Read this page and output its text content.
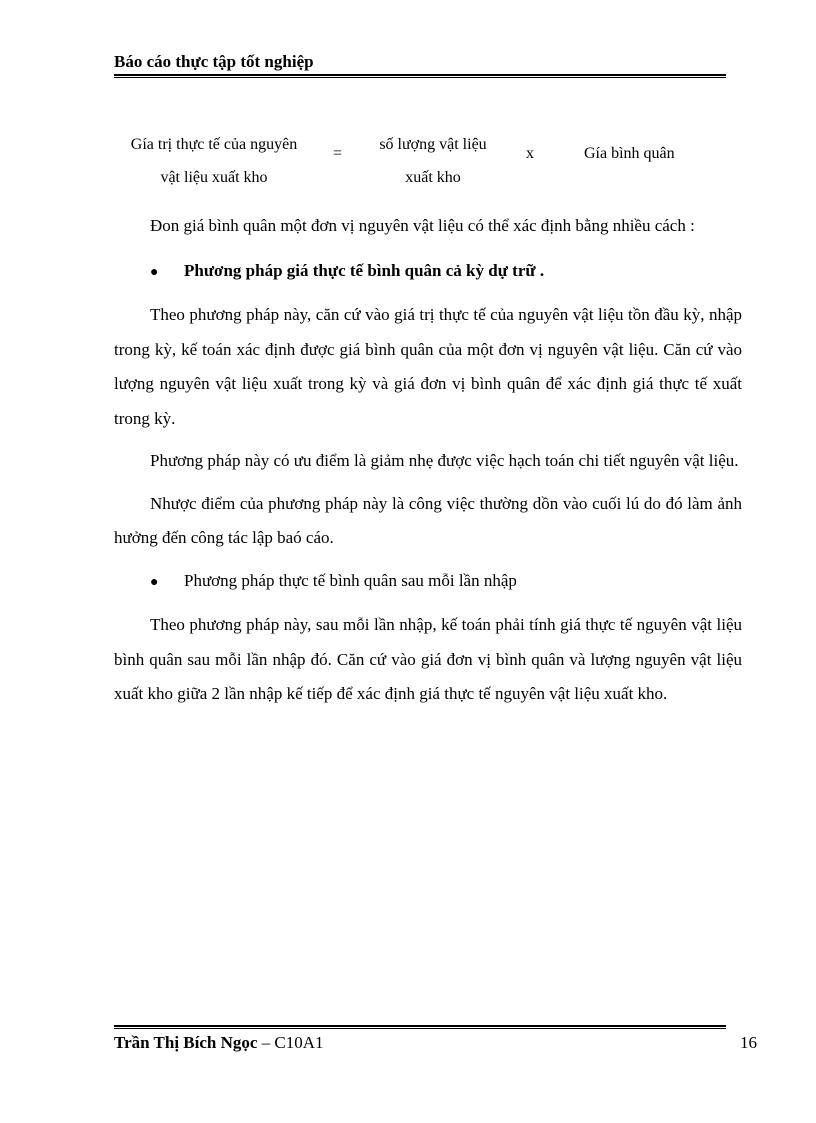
Báo cáo thực tập tốt nghiệp
Gía trị thực tế của nguyên
vật liệu xuất kho
=
số lượng vật liệu
xuất kho
x	Gía bình quân

Đon giá bình quân một đơn vị nguyên vật liệu có thể xác định bằng nhiều cách :

●	Phương pháp giá thực tế bình quân cả kỳ dự trữ .

Theo phương pháp này, căn cứ vào giá trị thực tế của nguyên vật liệu tồn đầu kỳ, nhập trong kỳ, kế toán xác định được giá bình quân của một đơn vị nguyên vật liệu. Căn cứ vào lượng nguyên vật liệu xuất trong kỳ và giá đơn vị bình quân để xác định giá thực tế xuất trong kỳ.

Phương pháp này có ưu điểm là giảm nhẹ được việc hạch toán chi tiết nguyên vật liệu.

Nhược điểm của phương pháp này là công việc thường dồn vào cuối lú do đó làm ảnh hưởng đến công tác lập baó cáo.

●	Phương pháp thực tế bình quân sau mỗi lần nhập

Theo phương pháp này, sau mỗi lần nhập, kế toán phải tính giá thực tế nguyên vật liệu bình quân sau mỗi lần nhập đó. Căn cứ vào giá đơn vị bình quân và lượng nguyên vật liệu xuất kho giữa 2 lần nhập kế tiếp để xác định giá thực tế nguyên vật liệu xuất kho.

Trần Thị Bích Ngọc – C10A1	16
